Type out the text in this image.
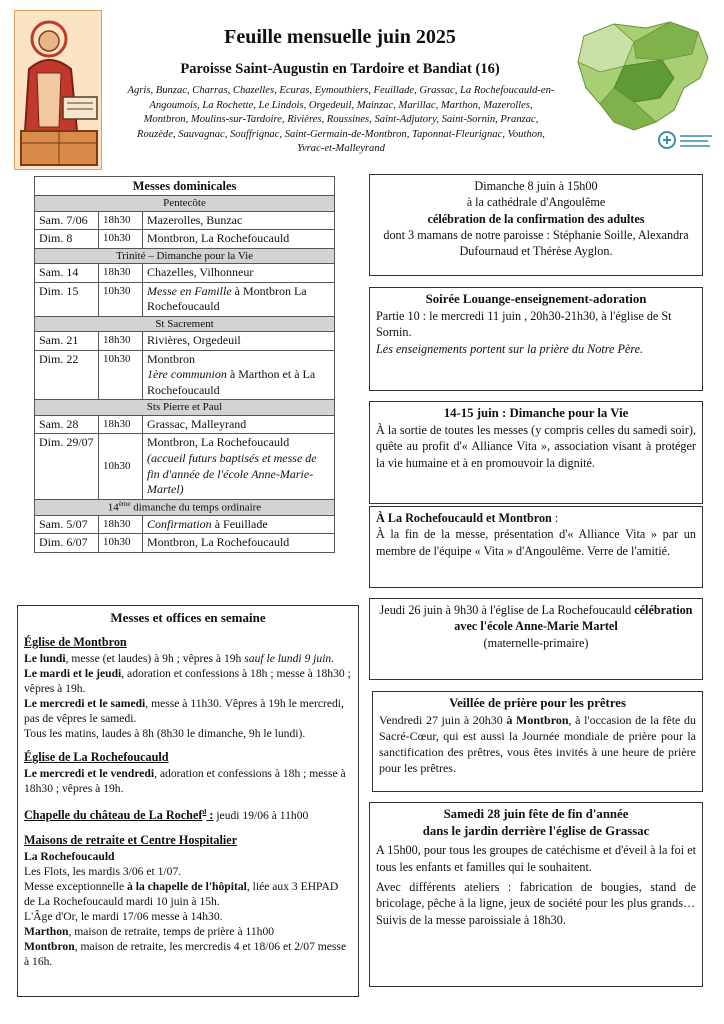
Feuille mensuelle juin 2025
Paroisse Saint-Augustin en Tardoire et Bandiat (16)
Agris, Bunzac, Charras, Chazelles, Ecuras, Eymouthiers, Feuillade, Grassac, La Rochefoucauld-en-Angoumois, La Rochette, Le Lindois, Orgedeuil, Mainzac, Marillac, Marthon, Mazerolles, Montbron, Moulins-sur-Tardoire, Rivières, Roussines, Saint-Adjutory, Saint-Sornin, Pranzac, Rouzède, Sauvagnac, Souffrignac, Saint-Germain-de-Montbron, Taponnat-Fleurignac, Vouthon, Yvrac-et-Malleyrand
Messes dominicales		
Pentecôte		
Sam. 7/06	18h30	Mazerolles, Bunzac
Dim. 8	10h30	Montbron, La Rochefoucauld
Trinité – Dimanche pour la Vie		
Sam. 14	18h30	Chazelles, Vilhonneur
Dim. 15	10h30	Messe en Famille à Montbron La Rochefoucauld
St Sacrement		
Sam. 21	18h30	Rivières, Orgedeuil
Dim. 22	10h30	Montbron
1ère communion à Marthon et à La Rochefoucauld

Sts Pierre et Paul		
Sam. 28	18h30	Grassac, Malleyrand
Dim. 29/07	10h30	Montbron, La Rochefoucauld
(accueil futurs baptisés et messe de fin d'année de l'école Anne-Marie-Martel)

14ème dimanche du temps ordinaire		
Sam. 5/07	18h30	Confirmation à Feuillade
Dim. 6/07	10h30	Montbron, La Rochefoucauld
Messes et offices en semaine
Église de Montbron

Le lundi, messe (et laudes) à 9h ; vêpres à 19h sauf le lundi 9 juin.

Le mardi et le jeudi, adoration et confessions à 18h ; messe à 18h30 ; vêpres à 19h.

Le mercredi et le samedi, messe à 11h30. Vêpres à 19h le mercredi, pas de vêpres le samedi.

Tous les matins, laudes à 8h (8h30 le dimanche, 9h le lundi).

Église de La Rochefoucauld

Le mercredi et le vendredi, adoration et confessions à 18h ; messe à 18h30 ; vêpres à 19h.

Chapelle du château de La Rochef$^d$ : jeudi 19/06 à 11h00

Maisons de retraite et Centre Hospitalier

La Rochefoucauld

Les Flots, les mardis 3/06 et 1/07.

Messe exceptionnelle à la chapelle de l'hôpital, liée aux 3 EHPAD de La Rochefoucauld mardi 10 juin à 15h.

L'Âge d'Or, le mardi 17/06 messe à 14h30.

Marthon, maison de retraite, temps de prière à 11h00

Montbron, maison de retraite, les mercredis 4 et 18/06 et 2/07 messe à 16h.

Dimanche 8 juin à 15h00
à la cathédrale d'Angoulême
célébration de la confirmation des adultes
dont 3 mamans de notre paroisse : Stéphanie Soille, Alexandra Dufournaud et Thérèse Ayglon.
Soirée Louange-enseignement-adoration
Partie 10 : le mercredi 11 juin , 20h30-21h30, à l'église de St Sornin.
Les enseignements portent sur la prière du Notre Père.
14-15 juin : Dimanche pour la Vie
À la sortie de toutes les messes (y compris celles du samedi soir), quête au profit d'« Alliance Vita », association visant à protéger la vie humaine et à en promouvoir la dignité.
À La Rochefoucauld et Montbron :
À la fin de la messe, présentation d'« Alliance Vita » par un membre de l'équipe « Vita » d'Angoulême. Verre de l'amitié.
Jeudi 26 juin à 9h30 à l'église de La Rochefoucauld célébration
avec l'école Anne-Marie Martel
(maternelle-primaire)
Veillée de prière pour les prêtres
Vendredi 27 juin à 20h30 à Montbron, à l'occasion de la fête du Sacré-Cœur, qui est aussi la Journée mondiale de prière pour la sanctification des prêtres, vous êtes invités à une heure de prière pour les prêtres.
Samedi 28 juin fête de fin d'année
dans le jardin derrière l'église de Grassac
A 15h00, pour tous les groupes de catéchisme et d'éveil à la foi et tous les enfants et familles qui le souhaitent.
Avec différents ateliers : fabrication de bougies, stand de bricolage, pêche à la ligne, jeux de société pour les plus grands…
Suivis de la messe paroissiale à 18h30.
